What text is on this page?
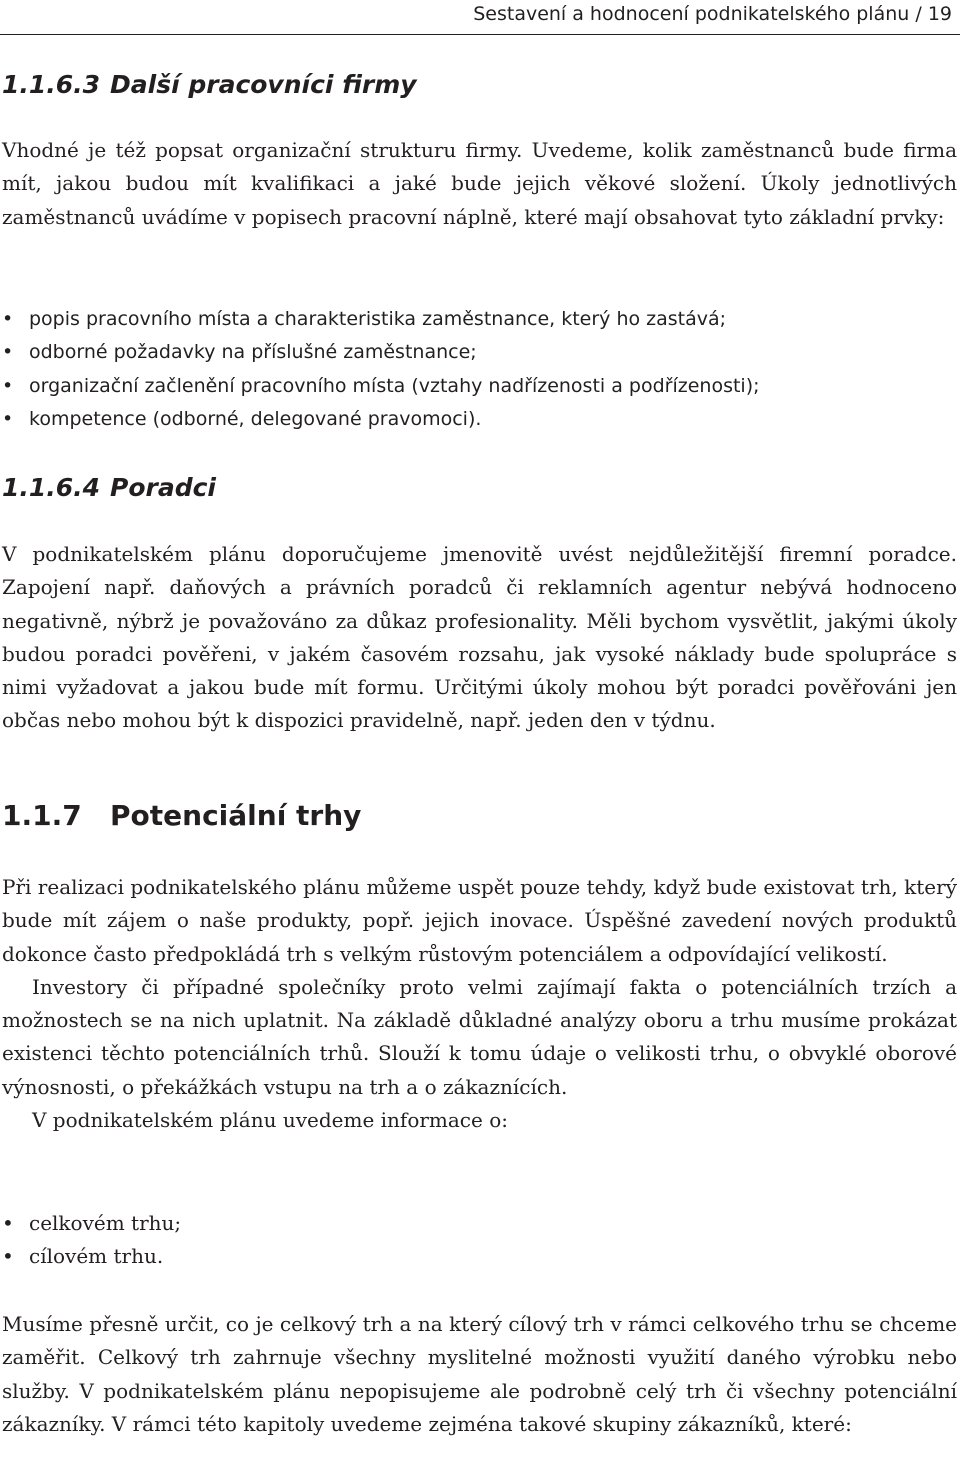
Sestavení a hodnocení podnikatelského plánu / 19
1.1.6.3 Další pracovníci firmy

Vhodné je též popsat organizační strukturu firmy. Uvedeme, kolik zaměstnanců bude firma mít, jakou budou mít kvalifikaci a jaké bude jejich věkové složení. Úkoly jednotlivých zaměstnanců uvádíme v popisech pracovní náplně, které mají obsahovat tyto základní prvky:

• popis pracovního místa a charakteristika zaměstnance, který ho zastává;
• odborné požadavky na příslušné zaměstnance;
• organizační začlenění pracovního místa (vztahy nadřízenosti a podřízenosti);
• kompetence (odborné, delegované pravomoci).
1.1.6.4 Poradci

V podnikatelském plánu doporučujeme jmenovitě uvést nejdůležitější firemní poradce. Zapojení např. daňových a právních poradců či reklamních agentur nebývá hodnoceno negativně, nýbrž je považováno za důkaz profesionality. Měli bychom vysvětlit, jakými úkoly budou poradci pověřeni, v jakém časovém rozsahu, jak vysoké náklady bude spolupráce s nimi vyžadovat a jakou bude mít formu. Určitými úkoly mohou být poradci pověřováni jen občas nebo mohou být k dispozici pravidelně, např. jeden den v týdnu.

1.1.7 Potenciální trhy

Při realizaci podnikatelského plánu můžeme uspět pouze tehdy, když bude existovat trh, který bude mít zájem o naše produkty, popř. jejich inovace. Úspěšné zavedení nových produktů dokonce často předpokládá trh s velkým růstovým potenciálem a odpovídající velikostí.

Investory či případné společníky proto velmi zajímají fakta o potenciálních trzích a možnostech se na nich uplatnit. Na základě důkladné analýzy oboru a trhu musíme prokázat existenci těchto potenciálních trhů. Slouží k tomu údaje o velikosti trhu, o obvyklé oborové výnosnosti, o překážkách vstupu na trh a o zákaznících.

V podnikatelském plánu uvedeme informace o:

• celkovém trhu;
• cílovém trhu.

Musíme přesně určit, co je celkový trh a na který cílový trh v rámci celkového trhu se chceme zaměřit. Celkový trh zahrnuje všechny myslitelné možnosti využití daného výrobku nebo služby. V podnikatelském plánu nepopisujeme ale podrobně celý trh či všechny potenciální zákazníky. V rámci této kapitoly uvedeme zejména takové skupiny zákazníků, které:
